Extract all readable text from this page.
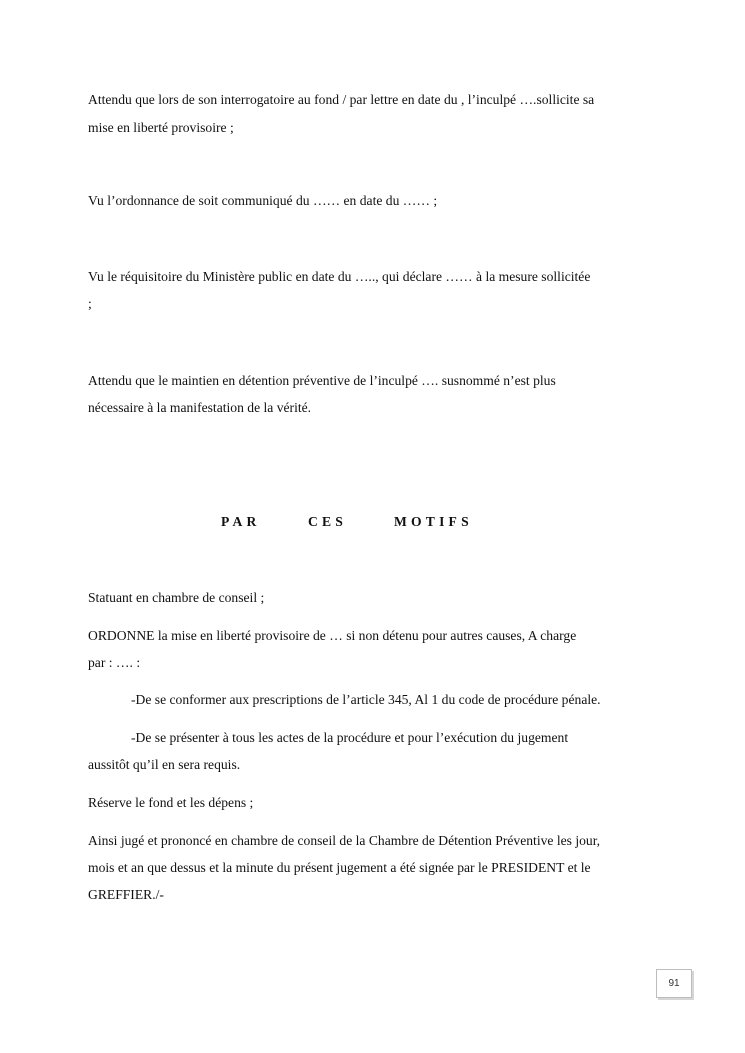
Attendu que lors de son interrogatoire au fond / par lettre en date du , l’inculpé ….sollicite sa
mise en liberté provisoire ;
Vu l’ordonnance de soit communiqué du …… en date du …… ;
Vu le réquisitoire du Ministère public en date du ….., qui déclare …… à la mesure sollicitée
;
Attendu que le maintien en détention préventive de l’inculpé …. susnommé n’est plus
nécessaire à la manifestation de la vérité.
PAR	CES	MOTIFS
Statuant en chambre de conseil ;
ORDONNE la mise en liberté provisoire de … si non détenu pour autres causes, A charge
par : …. :
-De se conformer aux prescriptions de l’article 345, Al 1 du code de procédure pénale.
-De se présenter à tous les actes de la procédure et pour l’exécution du jugement
aussitôt qu’il en sera requis.
Réserve le fond et les dépens ;
Ainsi jugé et prononcé en chambre de conseil de la Chambre de Détention Préventive les jour,
mois et an que dessus et la minute du présent jugement a été signée par le PRESIDENT et le
GREFFIER./-
91
